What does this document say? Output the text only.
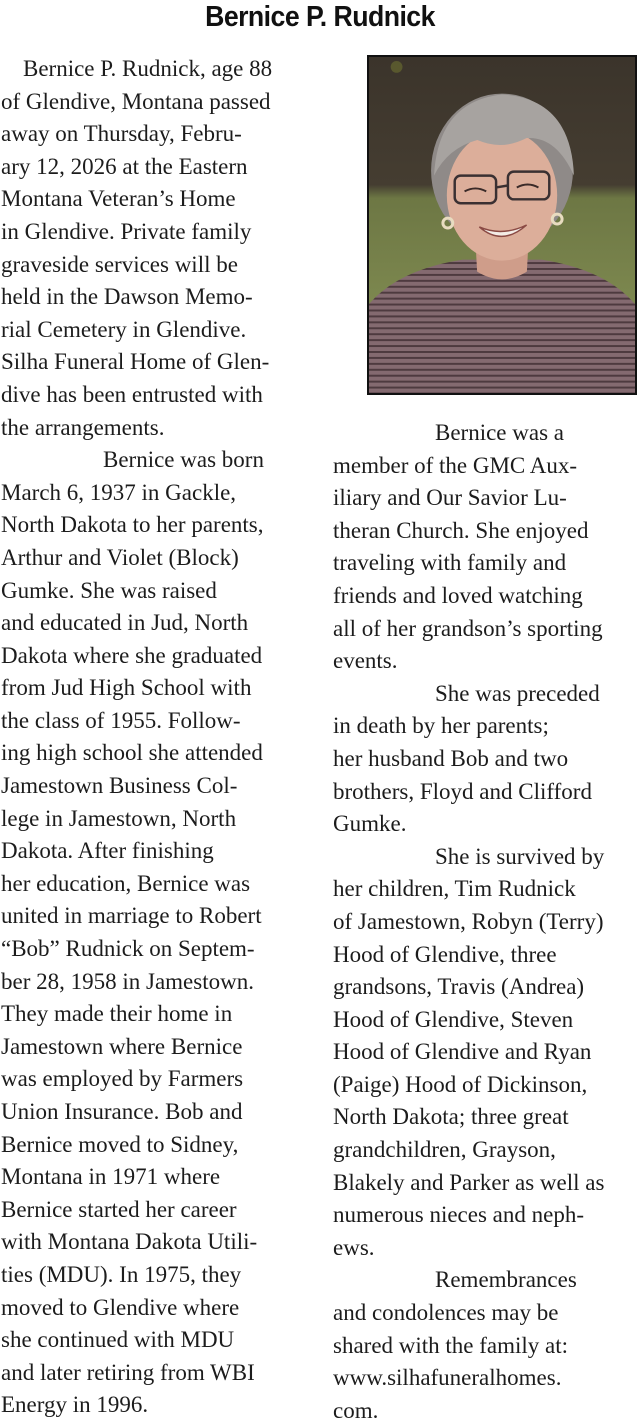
Bernice P. Rudnick
Bernice P. Rudnick, age 88
of Glendive, Montana passed
away on Thursday, Febru-
ary 12, 2026 at the Eastern
Montana Veteran’s Home
in Glendive. Private family
graveside services will be
held in the Dawson Memo-
rial Cemetery in Glendive.
Silha Funeral Home of Glen-
dive has been entrusted with
the arrangements.
Bernice was born
March 6, 1937 in Gackle,
North Dakota to her parents,
Arthur and Violet (Block)
Gumke. She was raised
and educated in Jud, North
Dakota where she graduated
from Jud High School with
the class of 1955. Follow-
ing high school she attended
Jamestown Business Col-
lege in Jamestown, North
Dakota. After finishing
her education, Bernice was
united in marriage to Robert
“Bob” Rudnick on Septem-
ber 28, 1958 in Jamestown.
They made their home in
Jamestown where Bernice
was employed by Farmers
Union Insurance. Bob and
Bernice moved to Sidney,
Montana in 1971 where
Bernice started her career
with Montana Dakota Utili-
ties (MDU). In 1975, they
moved to Glendive where
she continued with MDU
and later retiring from WBI
Energy in 1996.
Bernice was a
member of the GMC Aux-
iliary and Our Savior Lu-
theran Church. She enjoyed
traveling with family and
friends and loved watching
all of her grandson’s sporting
events.
She was preceded
in death by her parents;
her husband Bob and two
brothers, Floyd and Clifford
Gumke.
She is survived by
her children, Tim Rudnick
of Jamestown, Robyn (Terry)
Hood of Glendive, three
grandsons, Travis (Andrea)
Hood of Glendive, Steven
Hood of Glendive and Ryan
(Paige) Hood of Dickinson,
North Dakota; three great
grandchildren, Grayson,
Blakely and Parker as well as
numerous nieces and neph-
ews.
Remembrances
and condolences may be
shared with the family at:
www.silhafuneralhomes.
com.
